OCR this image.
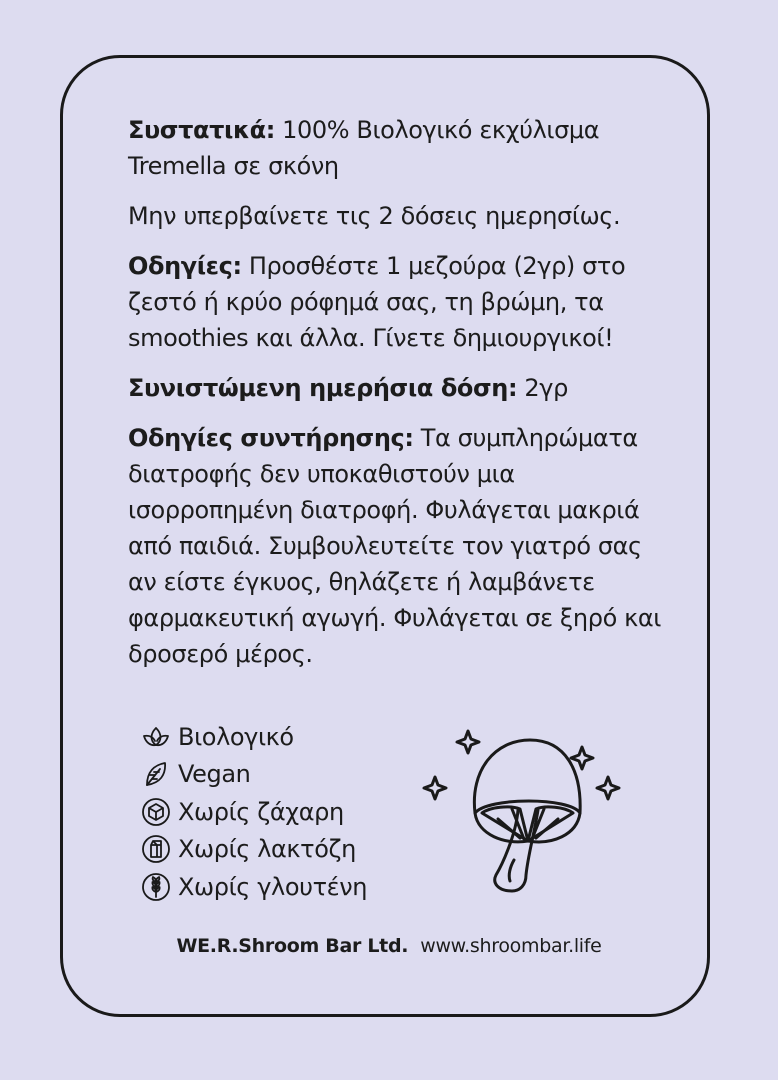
Συστατικά: 100% Βιολογικό εκχύλισμα Tremella σε σκόνη

Μην υπερβαίνετε τις 2 δόσεις ημερησίως.

Οδηγίες: Προσθέστε 1 μεζούρα (2γρ) στο ζεστό ή κρύο ρόφημά σας, τη βρώμη, τα smoothies και άλλα. Γίνετε δημιουργικοί!

Συνιστώμενη ημερήσια δόση: 2γρ

Οδηγίες συντήρησης: Τα συμπληρώματα διατροφής δεν υποκαθιστούν μια ισορροπημένη διατροφή. Φυλάγεται μακριά από παιδιά. Συμβουλευτείτε τον γιατρό σας αν είστε έγκυος, θηλάζετε ή λαμβάνετε φαρμακευτική αγωγή. Φυλάγεται σε ξηρό και δροσερό μέρος.

Βιολογικό
Vegan
Χωρίς ζάχαρη
Χωρίς λακτόζη
Χωρίς γλουτένη
WE.R.Shroom Bar Ltd. www.shroombar.life
